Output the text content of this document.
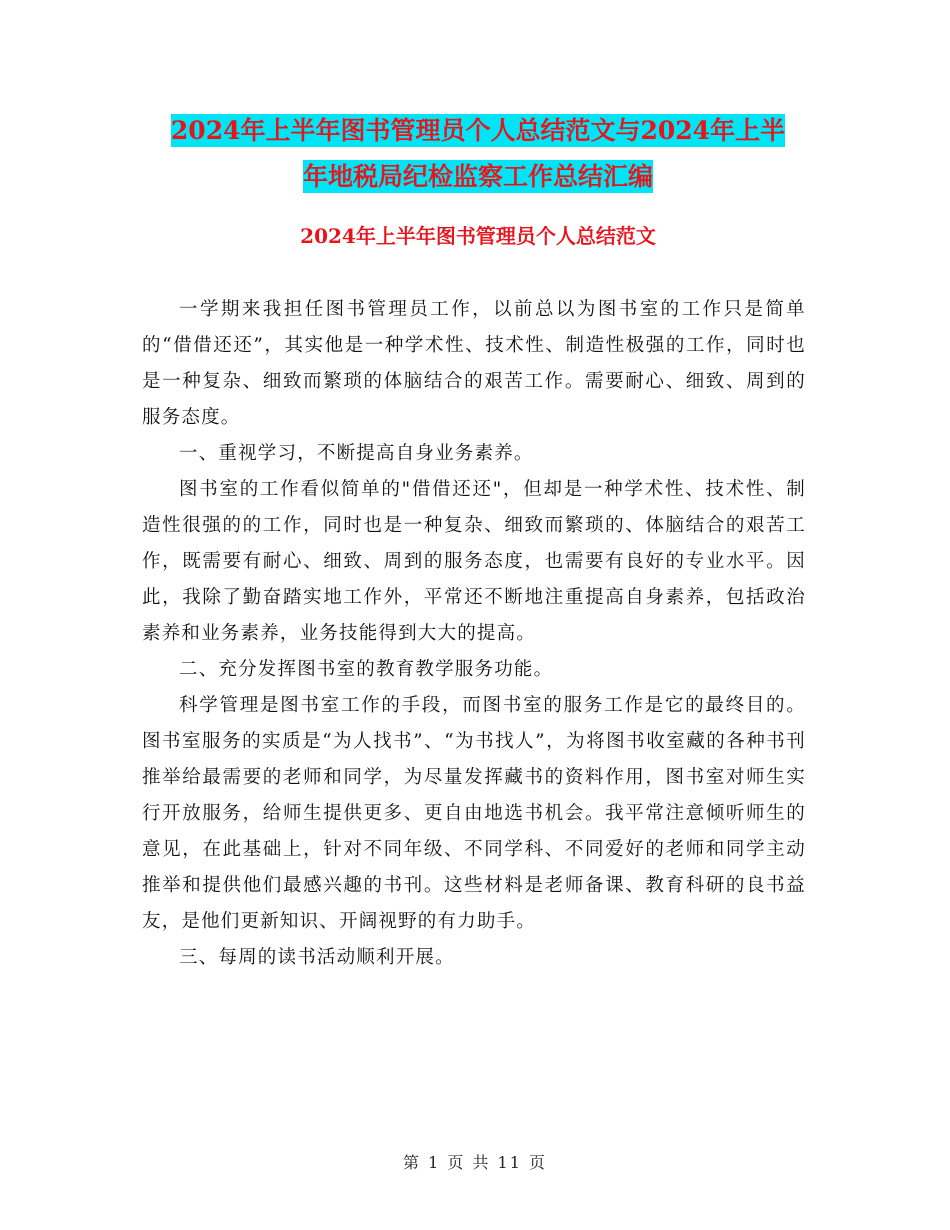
2024年上半年图书管理员个人总结范文与2024年上半
年地税局纪检监察工作总结汇编
2024年上半年图书管理员个人总结范文

一学期来我担任图书管理员工作，以前总以为图书室的工作只是简单的“借借还还”，其实他是一种学术性、技术性、制造性极强的工作，同时也是一种复杂、细致而繁琐的体脑结合的艰苦工作。需要耐心、细致、周到的服务态度。

一、重视学习，不断提高自身业务素养。

图书室的工作看似简单的"借借还还"，但却是一种学术性、技术性、制造性很强的的工作，同时也是一种复杂、细致而繁琐的、体脑结合的艰苦工作，既需要有耐心、细致、周到的服务态度，也需要有良好的专业水平。因此，我除了勤奋踏实地工作外，平常还不断地注重提高自身素养，包括政治素养和业务素养，业务技能得到大大的提高。

二、充分发挥图书室的教育教学服务功能。

科学管理是图书室工作的手段，而图书室的服务工作是它的最终目的。图书室服务的实质是“为人找书”、“为书找人”，为将图书收室藏的各种书刊推举给最需要的老师和同学，为尽量发挥藏书的资料作用，图书室对师生实行开放服务，给师生提供更多、更自由地选书机会。我平常注意倾听师生的意见，在此基础上，针对不同年级、不同学科、不同爱好的老师和同学主动推举和提供他们最感兴趣的书刊。这些材料是老师备课、教育科研的良书益友，是他们更新知识、开阔视野的有力助手。

三、每周的读书活动顺利开展。

第 1 页 共 11 页
